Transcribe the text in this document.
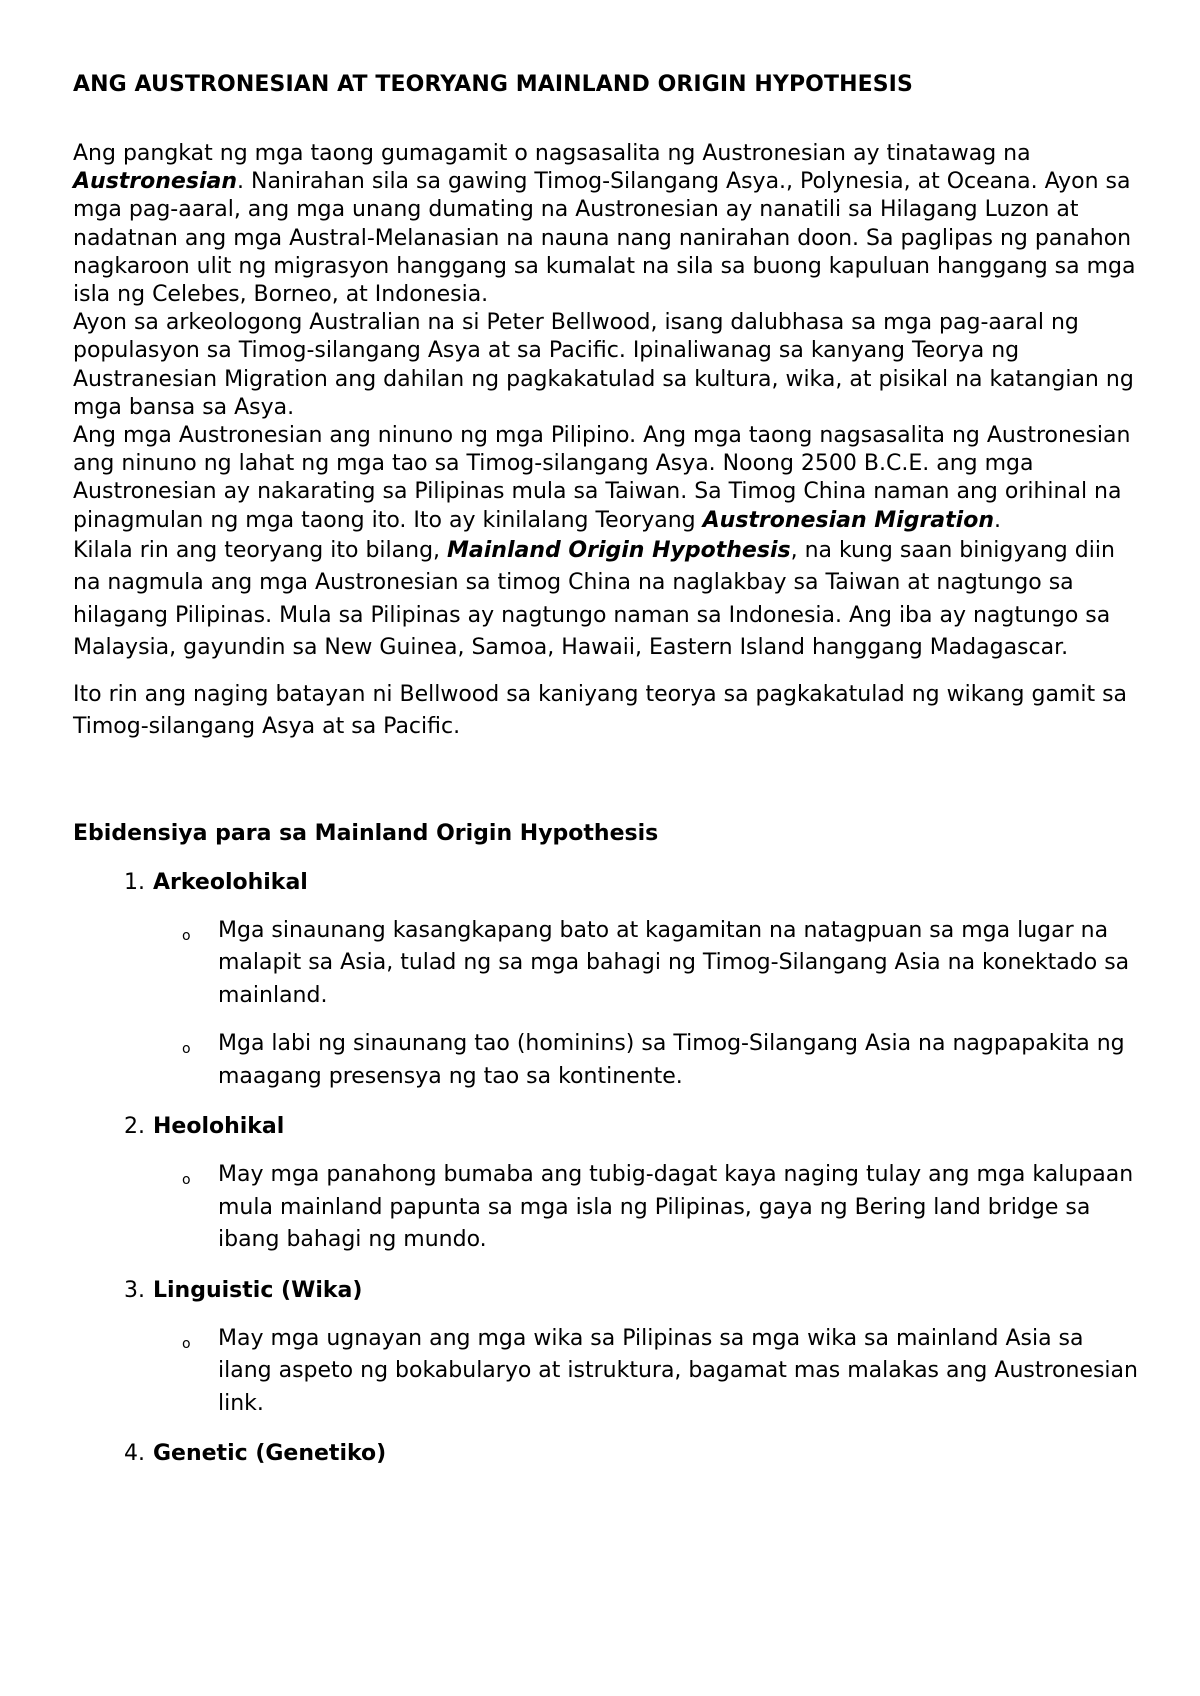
ANG AUSTRONESIAN AT TEORYANG MAINLAND ORIGIN HYPOTHESIS

Ang pangkat ng mga taong gumagamit o nagsasalita ng Austronesian ay tinatawag na Austronesian. Nanirahan sila sa gawing Timog-Silangang Asya., Polynesia, at Oceana. Ayon sa mga pag-aaral, ang mga unang dumating na Austronesian ay nanatili sa Hilagang Luzon at nadatnan ang mga Austral-Melanasian na nauna nang nanirahan doon. Sa paglipas ng panahon nagkaroon ulit ng migrasyon hanggang sa kumalat na sila sa buong kapuluan hanggang sa mga isla ng Celebes, Borneo, at Indonesia.

Ayon sa arkeologong Australian na si Peter Bellwood, isang dalubhasa sa mga pag-aaral ng populasyon sa Timog-silangang Asya at sa Pacific. Ipinaliwanag sa kanyang Teorya ng Austranesian Migration ang dahilan ng pagkakatulad sa kultura, wika, at pisikal na katangian ng mga bansa sa Asya.

Ang mga Austronesian ang ninuno ng mga Pilipino. Ang mga taong nagsasalita ng Austronesian ang ninuno ng lahat ng mga tao sa Timog-silangang Asya. Noong 2500 B.C.E. ang mga Austronesian ay nakarating sa Pilipinas mula sa Taiwan. Sa Timog China naman ang orihinal na pinagmulan ng mga taong ito. Ito ay kinilalang Teoryang Austronesian Migration.

Kilala rin ang teoryang ito bilang, Mainland Origin Hypothesis, na kung saan binigyang diin na nagmula ang mga Austronesian sa timog China na naglakbay sa Taiwan at nagtungo sa hilagang Pilipinas. Mula sa Pilipinas ay nagtungo naman sa Indonesia. Ang iba ay nagtungo sa Malaysia, gayundin sa New Guinea, Samoa, Hawaii, Eastern Island hanggang Madagascar.

Ito rin ang naging batayan ni Bellwood sa kaniyang teorya sa pagkakatulad ng wikang gamit sa Timog-silangang Asya at sa Pacific.

Ebidensiya para sa Mainland Origin Hypothesis
1. Arkeolohikal
o	Mga sinaunang kasangkapang bato at kagamitan na natagpuan sa mga lugar na malapit sa Asia, tulad ng sa mga bahagi ng Timog-Silangang Asia na konektado sa mainland.
o	Mga labi ng sinaunang tao (hominins) sa Timog-Silangang Asia na nagpapakita ng maagang presensya ng tao sa kontinente.
2. Heolohikal
o	May mga panahong bumaba ang tubig-dagat kaya naging tulay ang mga kalupaan mula mainland papunta sa mga isla ng Pilipinas, gaya ng Bering land bridge sa ibang bahagi ng mundo.
3. Linguistic (Wika)
o	May mga ugnayan ang mga wika sa Pilipinas sa mga wika sa mainland Asia sa ilang aspeto ng bokabularyo at istruktura, bagamat mas malakas ang Austronesian link.
4. Genetic (Genetiko)
